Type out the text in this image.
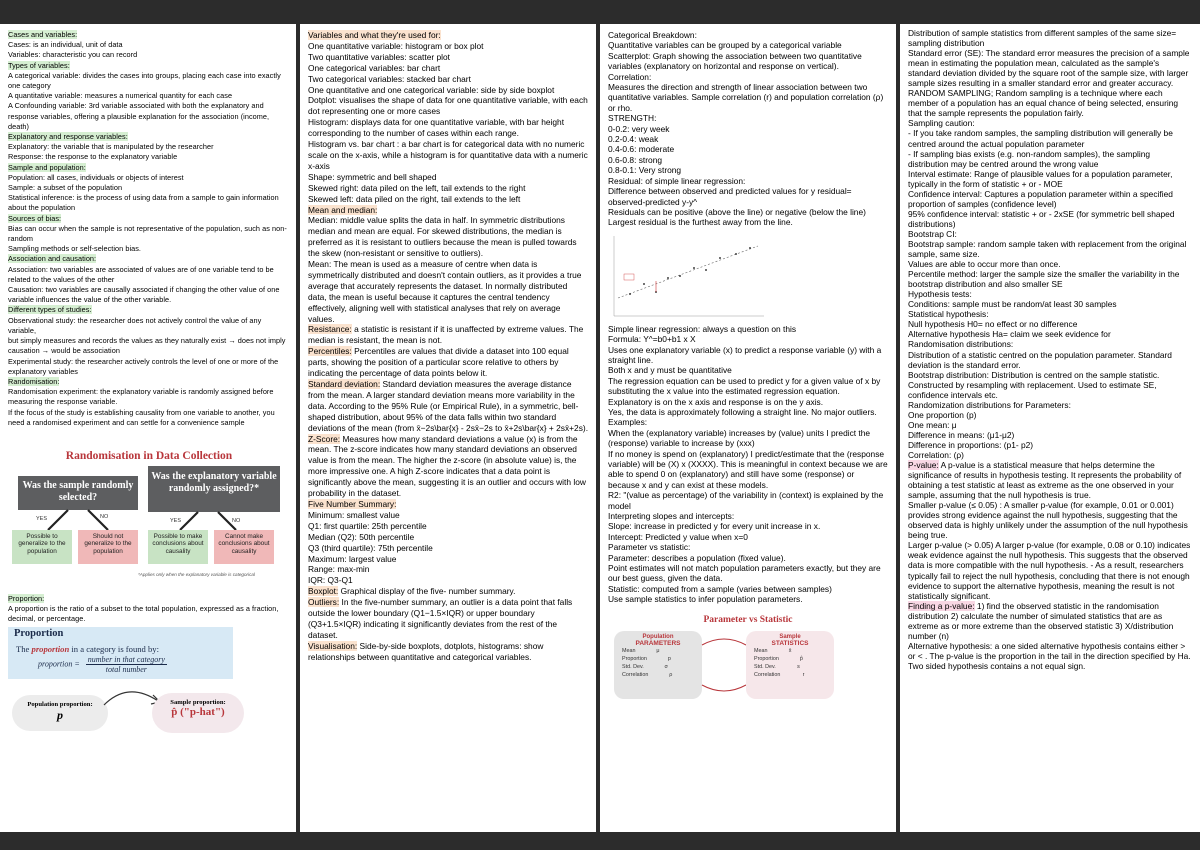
Cases and variables:
Cases: is an individual, unit of data
Variables: characteristic you can record
Types of variables:
A categorical variable: divides the cases into groups, placing each case into exactly one category
A quantitative variable: measures a numerical quantity for each case
A Confounding variable: 3rd variable associated with both the explanatory and response variables, offering a plausible explanation for the association (income, death)
Explanatory and response variables:
Explanatory: the variable that is manipulated by the researcher
Response: the response to the explanatory variable
Sample and population:
Population: all cases, individuals or objects of interest
Sample: a subset of the population
Statistical inference: is the process of using data from a sample to gain information about the population
Sources of bias:
Bias can occur when the sample is not representative of the population, such as non-random
Sampling methods or self-selection bias.
Association and causation:
Association: two variables are associated of values are of one variable tend to be related to the values of the other
Causation: two variables are causally associated if changing the other value of one variable influences the value of the other variable.
Different types of studies:
Observational study: the researcher does not actively control the value of any variable,
but simply measures and records the values as they naturally exist → does not imply causation → would be association
Experimental study: the researcher actively controls the level of one or more of the explanatory variables
Randomisation:
Randomisation experiment: the explanatory variable is randomly assigned before measuring the response variable.
If the focus of the study is establishing causality from one variable to another, you need a randomised experiment and can settle for a convenience sample
Randomisation in Data Collection
Was the sample randomly selected?
Was the explanatory variable randomly assigned?*
YES	NO
YES	NO
Possible to generalize to the population
Should not generalize to the population
Possible to make conclusions about causality
Cannot make conclusions about causality
*Applies only when the explanatory variable is categorical
Proportion:
A proportion is the ratio of a subset to the total population, expressed as a fraction, decimal, or percentage.
Proportion
The proportion in a category is found by:
proportion = $\frac{\text{number in that category}}{\text{total number}}$
Population proportion:
p
Sample proportion:
p̂ ("p-hat")
Variables and what they're used for:
One quantitative variable: histogram or box plot
Two quantitative variables: scatter plot
One categorical variables: bar chart
Two categorical variables: stacked bar chart
One quantitative and one categorical variable: side by side boxplot
Dotplot: visualises the shape of data for one quantitative variable, with each dot representing one or more cases
Histogram: displays data for one quantitative variable, with bar height corresponding to the number of cases within each range.
Histogram vs. bar chart : a bar chart is for categorical data with no numeric scale on the x-axis, while a histogram is for quantitative data with a numeric x-axis
Shape: symmetric and bell shaped
Skewed right: data piled on the left, tail extends to the right
Skewed left: data piled on the right, tail extends to the left
Mean and median:
Median: middle value splits the data in half. In symmetric distributions median and mean are equal. For skewed distributions, the median is preferred as it is resistant to outliers because the mean is pulled towards the skew (non-resistant or sensitive to outliers).
Mean: The mean is used as a measure of centre when data is symmetrically distributed and doesn't contain outliers, as it provides a true average that accurately represents the dataset. In normally distributed data, the mean is useful because it captures the central tendency effectively, aligning well with statistical analyses that rely on average values.
Resistance: a statistic is resistant if it is unaffected by extreme values. The median is resistant, the mean is not.
Percentiles: Percentiles are values that divide a dataset into 100 equal parts, showing the position of a particular score relative to others by indicating the percentage of data points below it.
Standard deviation: Standard deviation measures the average distance from the mean. A larger standard deviation means more variability in the data. According to the 95% Rule (or Empirical Rule), in a symmetric, bell-shaped distribution, about 95% of the data falls within two standard deviations of the mean (from x̄−2s\bar{x} - 2sx̄−2s to x̄+2s\bar{x} + 2sx̄+2s).
Z-Score: Measures how many standard deviations a value (x) is from the mean. The z-score indicates how many standard deviations an observed value is from the mean. The higher the z-score (in absolute value) is, the more impressive one. A high Z-score indicates that a data point is significantly above the mean, suggesting it is an outlier and occurs with low probability in the dataset.
Five Number Summary:
Minimum: smallest value
Q1: first quartile: 25th percentile
Median (Q2): 50th percentile
Q3 (third quartile): 75th percentile
Maximum: largest value
Range: max-min
IQR: Q3-Q1
Boxplot: Graphical display of the five- number summary.
Outliers: In the five-number summary, an outlier is a data point that falls outside the lower boundary (Q1−1.5×IQR) or upper boundary (Q3+1.5×IQR) indicating it significantly deviates from the rest of the dataset.
Visualisation: Side-by-side boxplots, dotplots, histograms: show relationships between quantitative and categorical variables.
Categorical Breakdown:
Quantitative variables can be grouped by a categorical variable
Scatterplot: Graph showing the association between two quantitative variables (explanatory on horizontal and response on vertical).
Correlation:
Measures the direction and strength of linear association between two quantitative variables. Sample correlation (r) and population correlation (ρ) or rho.
STRENGTH:
0-0.2: very week
0.2-0.4: weak
0.4-0.6: moderate
0.6-0.8: strong
0.8-0.1: Very strong
Residual: of simple linear regression:
Difference between observed and predicted values for y residual= observed-predicted y-y^
Residuals can be positive (above the line) or negative (below the line)
Largest residual is the furthest away from the line.
Simple linear regression: always a question on this
Formula: Y^=b0+b1 x X
Uses one explanatory variable (x) to predict a response variable (y) with a straight line.
Both x and y must be quantitative
The regression equation can be used to predict y for a given value of x by substituting the x value into the estimated regression equation.
Explanatory is on the x axis and response is on the y axis.
Yes, the data is approximately following a straight line. No major outliers.
Examples:
When the (explanatory variable) increases by (value) units I predict the (response) variable to increase by (xxx)
If no money is spend on (explanatory) I predict/estimate that the (response variable) will be (X) x (XXXX). This is meaningful in context because we are able to spend 0 on (explanatory) and still have some (response) or because x and y can exist at these models.
R2: "(value as percentage) of the variability in (context) is explained by the model
Interpreting slopes and intercepts:
Slope: increase in predicted y for every unit increase in x.
Intercept: Predicted y value when x=0
Parameter vs statistic:
Parameter: describes a population (fixed value).
Point estimates will not match population parameters exactly, but they are our best guess, given the data.
Statistic: computed from a sample (varies between samples)
Use sample statistics to infer population parameters.
Parameter vs Statistic
Population
PARAMETERS
Mean	μ
Proportion	p
Std. Dev.	σ
Correlation	ρ
Sample
STATISTICS
Mean	x̄
Proportion	p̂
Std. Dev.	s
Correlation	r
Distribution of sample statistics from different samples of the same size= sampling distribution
Standard error (SE): The standard error measures the precision of a sample mean in estimating the population mean, calculated as the sample's standard deviation divided by the square root of the sample size, with larger sample sizes resulting in a smaller standard error and greater accuracy.
RANDOM SAMPLING; Random sampling is a technique where each member of a population has an equal chance of being selected, ensuring that the sample represents the population fairly.
Sampling caution:
- If you take random samples, the sampling distribution will generally be centred around the actual population parameter
- If sampling bias exists (e.g. non-random samples), the sampling distribution may be centred around the wrong value
Interval estimate: Range of plausible values for a population parameter, typically in the form of statistic + or - MOE
Confidence interval: Captures a population parameter within a specified proportion of samples (confidence level)
95% confidence interval: statistic + or - 2xSE (for symmetric bell shaped distributions)
Bootstrap CI:
Bootstrap sample: random sample taken with replacement from the original sample, same size.
Values are able to occur more than once.
Percentile method: larger the sample size the smaller the variability in the bootstrap distribution and also smaller SE
Hypothesis tests:
Conditions: sample must be random/at least 30 samples
Statistical hypothesis:
Null hypothesis H0= no effect or no difference
Alternative hypothesis Ha= claim we seek evidence for
Randomisation distributions:
Distribution of a statistic centred on the population parameter. Standard deviation is the standard error.
Bootstrap distribution: Distribution is centred on the sample statistic. Constructed by resampling with replacement. Used to estimate SE, confidence intervals etc.
Randomization distributions for Parameters:
One proportion (p)
One mean: μ
Difference in means: (μ1-μ2)
Difference in proportions: (p1- p2)
Correlation: (ρ)
P-value: A p-value is a statistical measure that helps determine the significance of results in hypothesis testing. It represents the probability of obtaining a test statistic at least as extreme as the one observed in your sample, assuming that the null hypothesis is true.
Smaller p-value (≤ 0.05) : A smaller p-value (for example, 0.01 or 0.001) provides strong evidence against the null hypothesis, suggesting that the observed data is highly unlikely under the assumption of the null hypothesis being true.
Larger p-value (> 0.05) A larger p-value (for example, 0.08 or 0.10) indicates weak evidence against the null hypothesis. This suggests that the observed data is more compatible with the null hypothesis. - As a result, researchers typically fail to reject the null hypothesis, concluding that there is not enough evidence to support the alternative hypothesis, meaning the result is not statistically significant.
Finding a p-value: 1) find the observed statistic in the randomisation distribution 2) calculate the number of simulated statistics that are as extreme as or more extreme than the observed statistic 3) X/distribution number (n)
Alternative hypothesis: a one sided alternative hypothesis contains either > or < . The p-value is the proportion in the tail in the direction specified by Ha. Two sided hypothesis contains a not equal sign.
